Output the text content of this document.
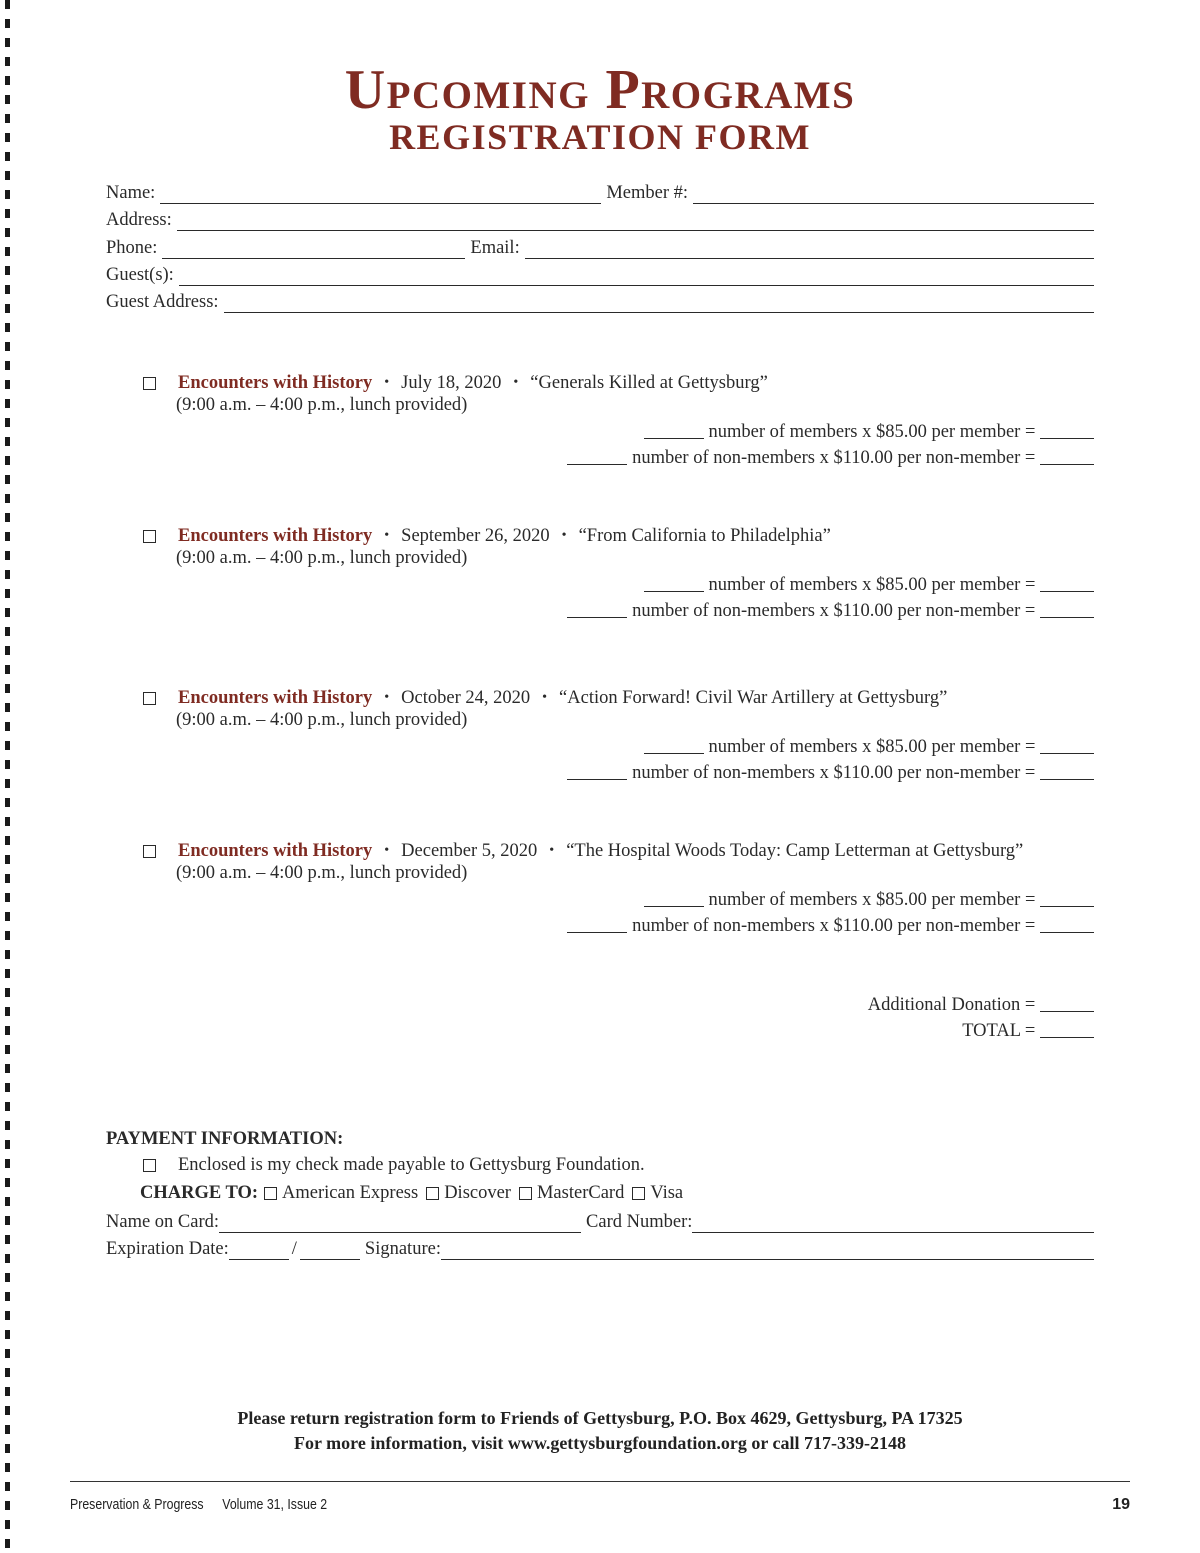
Upcoming Programs
REGISTRATION FORM
Name:	Member #:
Address:
Phone:	Email:
Guest(s):
Guest Address:
Encounters with History • July 18, 2020 • “Generals Killed at Gettysburg”
(9:00 a.m. – 4:00 p.m., lunch provided)
number of members x $85.00 per member =
number of non-members x $110.00 per non-member =
Encounters with History • September 26, 2020 • “From California to Philadelphia”
(9:00 a.m. – 4:00 p.m., lunch provided)
number of members x $85.00 per member =
number of non-members x $110.00 per non-member =
Encounters with History • October 24, 2020 • “Action Forward! Civil War Artillery at Gettysburg”
(9:00 a.m. – 4:00 p.m., lunch provided)
number of members x $85.00 per member =
number of non-members x $110.00 per non-member =
Encounters with History • December 5, 2020 • “The Hospital Woods Today: Camp Letterman at Gettysburg”
(9:00 a.m. – 4:00 p.m., lunch provided)
number of members x $85.00 per member =
number of non-members x $110.00 per non-member =
Additional Donation =
TOTAL =
PAYMENT INFORMATION:
Enclosed is my check made payable to Gettysburg Foundation.
CHARGE TO: American Express Discover MasterCard Visa
Name on Card:	Card Number:
Expiration Date:	/	Signature:
Please return registration form to Friends of Gettysburg, P.O. Box 4629, Gettysburg, PA 17325
For more information, visit www.gettysburgfoundation.org or call 717-339-2148
Preservation & Progress Volume 31, Issue 2	19
